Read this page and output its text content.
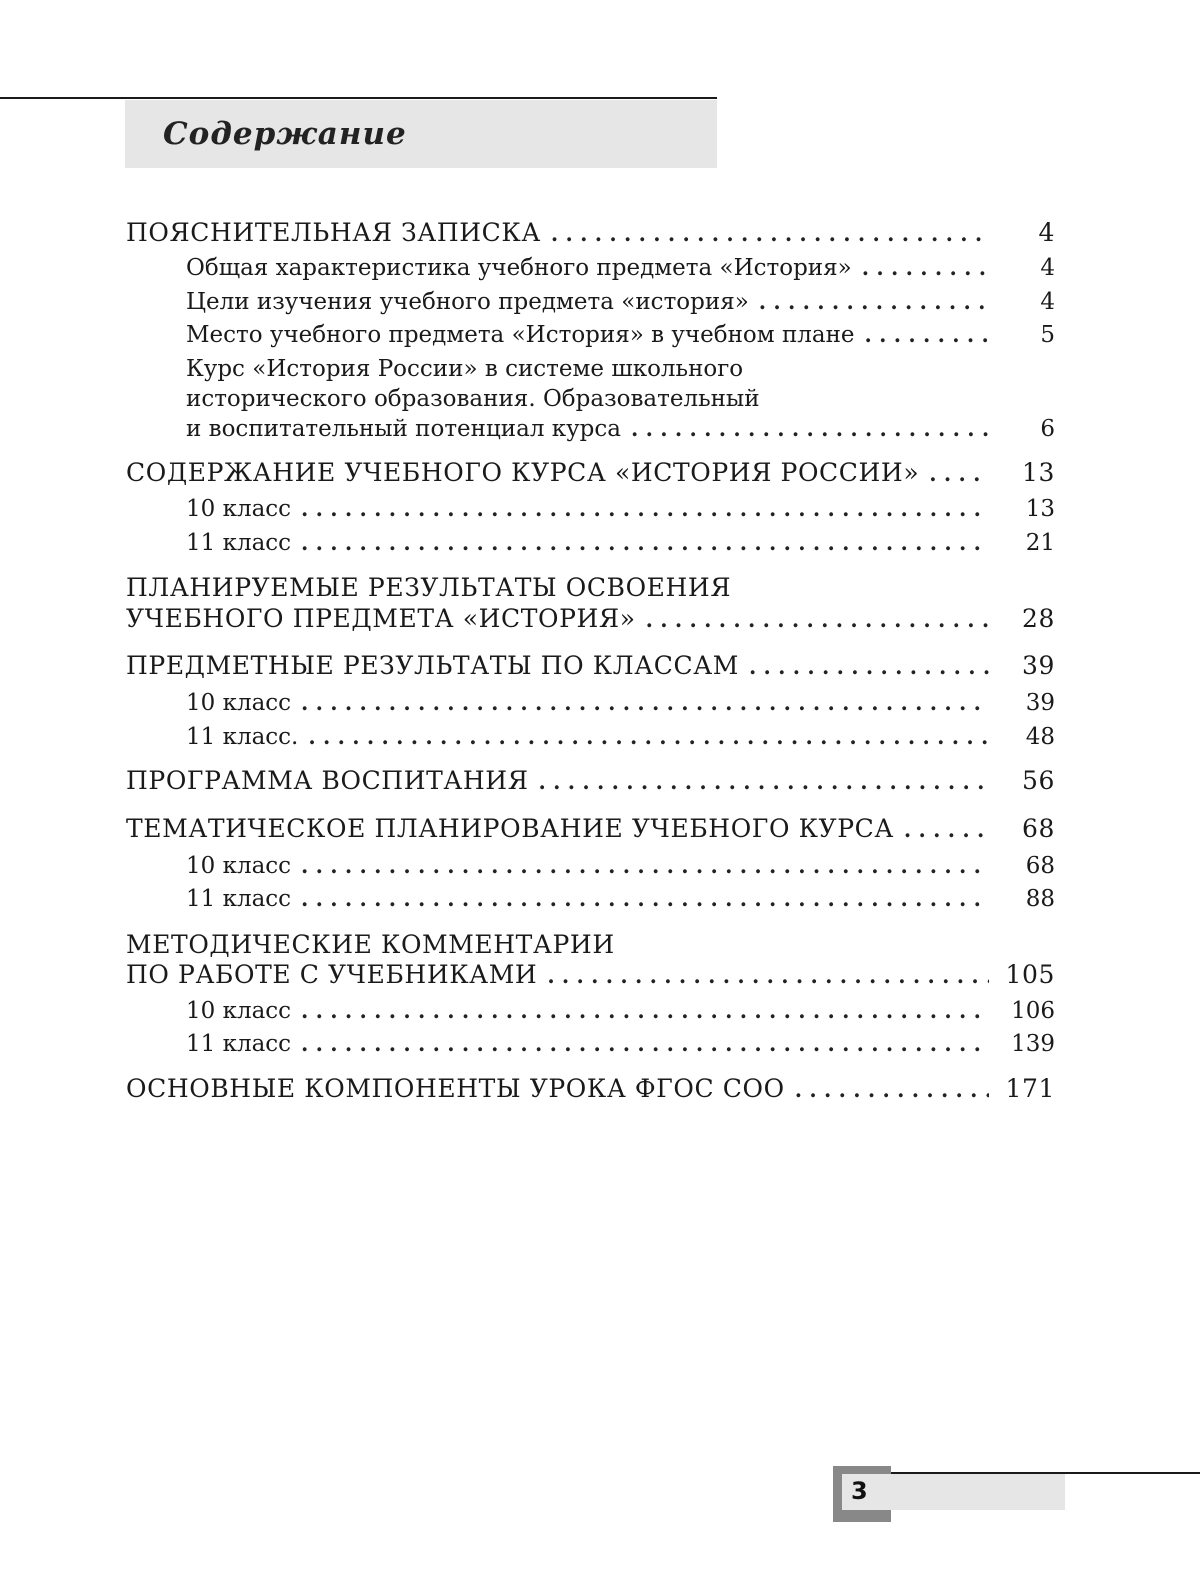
Содержание
ПОЯСНИТЕЛЬНАЯ ЗАПИСКА . . .	4
Общая характеристика учебного предмета «История» . . .	4
Цели изучения учебного предмета «история» . . .	4
Место учебного предмета «История» в учебном плане . . .	5
Курс «История России» в системе школьного
исторического образования. Образовательный
и воспитательный потенциал курса . . .	6
СОДЕРЖАНИЕ УЧЕБНОГО КУРСА «ИСТОРИЯ РОССИИ» . . .	13
10 класс . . .	13
11 класс . . .	21
ПЛАНИРУЕМЫЕ РЕЗУЛЬТАТЫ ОСВОЕНИЯ
УЧЕБНОГО ПРЕДМЕТА «ИСТОРИЯ» . . .	28
ПРЕДМЕТНЫЕ РЕЗУЛЬТАТЫ ПО КЛАССАМ . . .	39
10 класс . . .	39
11 класс. . . .	48
ПРОГРАММА ВОСПИТАНИЯ . . .	56
ТЕМАТИЧЕСКОЕ ПЛАНИРОВАНИЕ УЧЕБНОГО КУРСА . . .	68
10 класс . . .	68
11 класс . . .	88
МЕТОДИЧЕСКИЕ КОММЕНТАРИИ
ПО РАБОТЕ С УЧЕБНИКАМИ . . .	105
10 класс . . .	106
11 класс . . .	139
ОСНОВНЫЕ КОМПОНЕНТЫ УРОКА ФГОС СОО . . .	171
3
